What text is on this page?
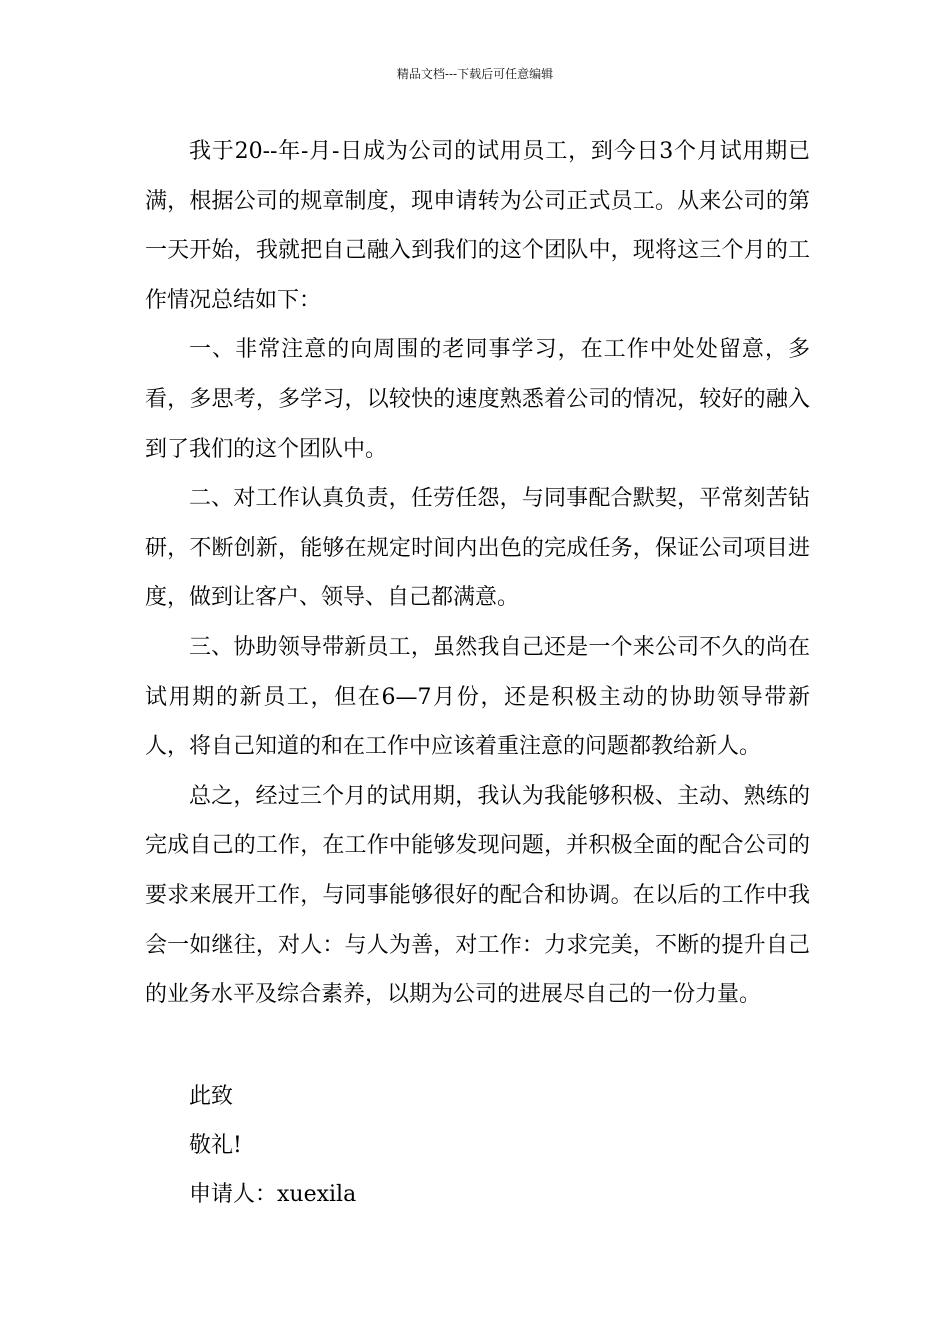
精品文档---下载后可任意编辑

我于20--年-月-日成为公司的试用员工，到今日3个月试用期已满，根据公司的规章制度，现申请转为公司正式员工。从来公司的第一天开始，我就把自己融入到我们的这个团队中，现将这三个月的工作情况总结如下：

一、非常注意的向周围的老同事学习，在工作中处处留意，多看，多思考，多学习，以较快的速度熟悉着公司的情况，较好的融入到了我们的这个团队中。

二、对工作认真负责，任劳任怨，与同事配合默契，平常刻苦钻研，不断创新，能够在规定时间内出色的完成任务，保证公司项目进度，做到让客户、领导、自己都满意。

三、协助领导带新员工，虽然我自己还是一个来公司不久的尚在试用期的新员工，但在6—7月份，还是积极主动的协助领导带新人，将自己知道的和在工作中应该着重注意的问题都教给新人。

总之，经过三个月的试用期，我认为我能够积极、主动、熟练的完成自己的工作，在工作中能够发现问题，并积极全面的配合公司的要求来展开工作，与同事能够很好的配合和协调。在以后的工作中我会一如继往，对人：与人为善，对工作：力求完美，不断的提升自己的业务水平及综合素养，以期为公司的进展尽自己的一份力量。

此致
敬礼!
申请人：xuexila
